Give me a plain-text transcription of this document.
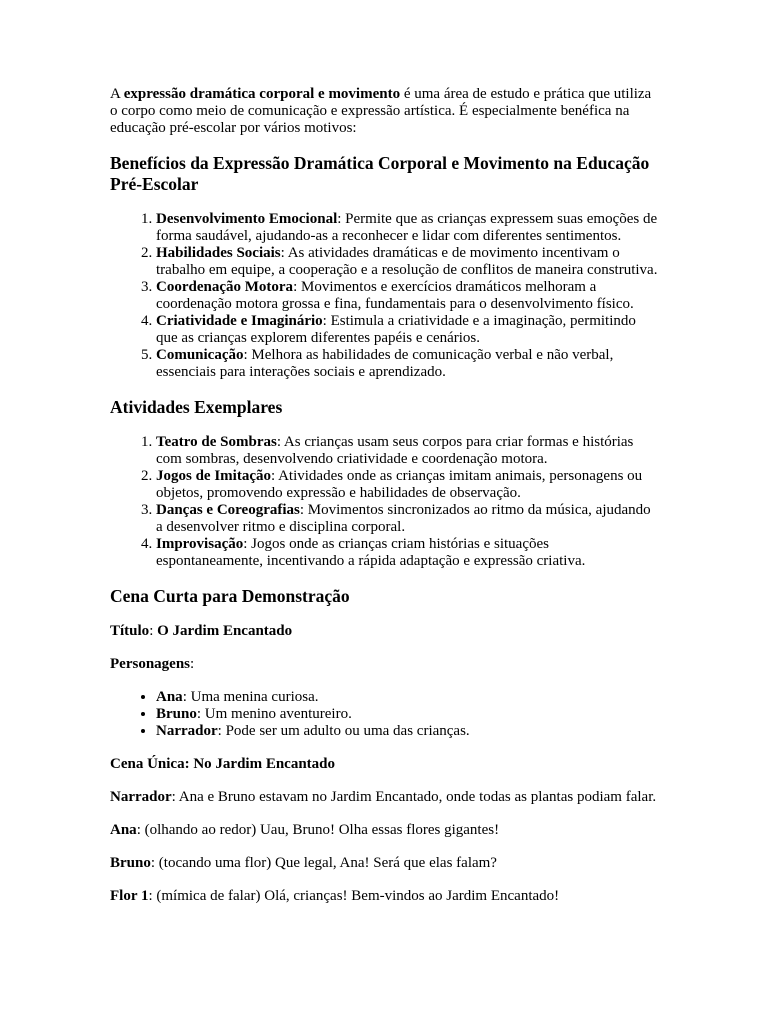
A expressão dramática corporal e movimento é uma área de estudo e prática que utiliza o corpo como meio de comunicação e expressão artística. É especialmente benéfica na educação pré-escolar por vários motivos:

Benefícios da Expressão Dramática Corporal e Movimento na Educação Pré-Escolar
1. Desenvolvimento Emocional: Permite que as crianças expressem suas emoções de forma saudável, ajudando-as a reconhecer e lidar com diferentes sentimentos.
2. Habilidades Sociais: As atividades dramáticas e de movimento incentivam o trabalho em equipe, a cooperação e a resolução de conflitos de maneira construtiva.
3. Coordenação Motora: Movimentos e exercícios dramáticos melhoram a coordenação motora grossa e fina, fundamentais para o desenvolvimento físico.
4. Criatividade e Imaginário: Estimula a criatividade e a imaginação, permitindo que as crianças explorem diferentes papéis e cenários.
5. Comunicação: Melhora as habilidades de comunicação verbal e não verbal, essenciais para interações sociais e aprendizado.
Atividades Exemplares
1. Teatro de Sombras: As crianças usam seus corpos para criar formas e histórias com sombras, desenvolvendo criatividade e coordenação motora.
2. Jogos de Imitação: Atividades onde as crianças imitam animais, personagens ou objetos, promovendo expressão e habilidades de observação.
3. Danças e Coreografias: Movimentos sincronizados ao ritmo da música, ajudando a desenvolver ritmo e disciplina corporal.
4. Improvisação: Jogos onde as crianças criam histórias e situações espontaneamente, incentivando a rápida adaptação e expressão criativa.
Cena Curta para Demonstração

Título: O Jardim Encantado

Personagens:

• Ana: Uma menina curiosa.
• Bruno: Um menino aventureiro.
• Narrador: Pode ser um adulto ou uma das crianças.

Cena Única: No Jardim Encantado

Narrador: Ana e Bruno estavam no Jardim Encantado, onde todas as plantas podiam falar.

Ana: (olhando ao redor) Uau, Bruno! Olha essas flores gigantes!

Bruno: (tocando uma flor) Que legal, Ana! Será que elas falam?

Flor 1: (mímica de falar) Olá, crianças! Bem-vindos ao Jardim Encantado!
